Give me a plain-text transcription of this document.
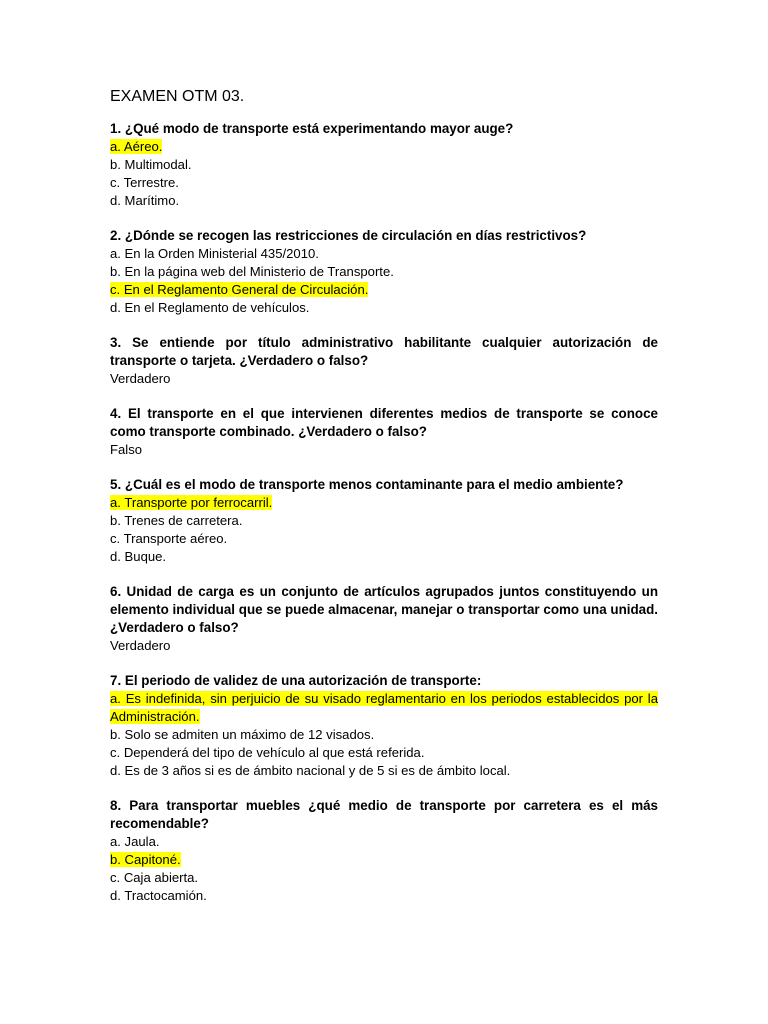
EXAMEN OTM 03.

1. ¿Qué modo de transporte está experimentando mayor auge?

a. Aéreo.

b. Multimodal.

c. Terrestre.

d. Marítimo.

2. ¿Dónde se recogen las restricciones de circulación en días restrictivos?

a. En la Orden Ministerial 435/2010.

b. En la página web del Ministerio de Transporte.

c. En el Reglamento General de Circulación.

d. En el Reglamento de vehículos.

3. Se entiende por título administrativo habilitante cualquier autorización de transporte o tarjeta. ¿Verdadero o falso?

Verdadero

4. El transporte en el que intervienen diferentes medios de transporte se conoce como transporte combinado. ¿Verdadero o falso?

Falso

5. ¿Cuál es el modo de transporte menos contaminante para el medio ambiente?

a. Transporte por ferrocarril.

b. Trenes de carretera.

c. Transporte aéreo.

d. Buque.

6. Unidad de carga es un conjunto de artículos agrupados juntos constituyendo un elemento individual que se puede almacenar, manejar o transportar como una unidad. ¿Verdadero o falso?

Verdadero

7. El periodo de validez de una autorización de transporte:

a. Es indefinida, sin perjuicio de su visado reglamentario en los periodos establecidos por la Administración.

b. Solo se admiten un máximo de 12 visados.

c. Dependerá del tipo de vehículo al que está referida.

d. Es de 3 años si es de ámbito nacional y de 5 si es de ámbito local.

8. Para transportar muebles ¿qué medio de transporte por carretera es el más recomendable?

a. Jaula.

b. Capitoné.

c. Caja abierta.

d. Tractocamión.
